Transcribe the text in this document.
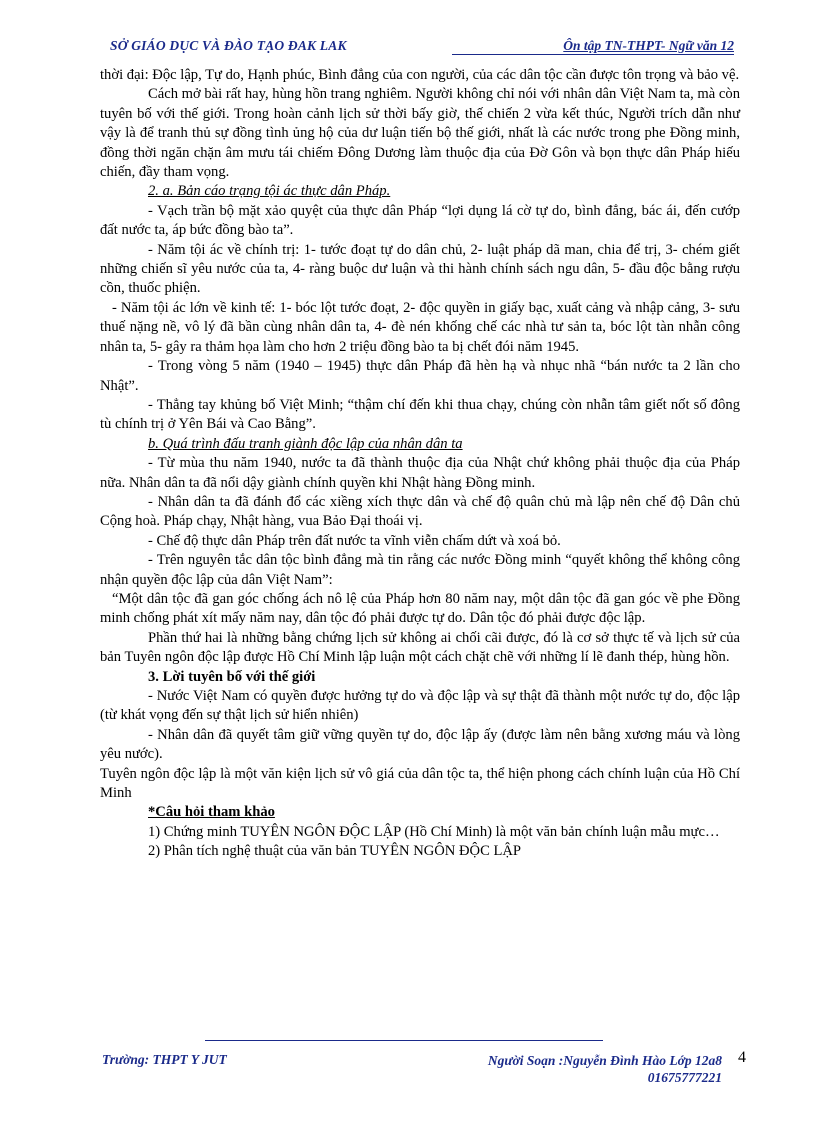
SỞ GIÁO DỤC VÀ ĐÀO TẠO ĐAK LAK	Ôn tập TN-THPT- Ngữ văn 12

thời đại: Độc lập, Tự do, Hạnh phúc, Bình đẳng của con người, của các dân tộc cần được tôn trọng và bảo vệ.

Cách mở bài rất hay, hùng hồn trang nghiêm. Người không chỉ nói với nhân dân Việt Nam ta, mà còn tuyên bố với thế giới. Trong hoàn cảnh lịch sử thời bấy giờ, thế chiến 2 vừa kết thúc, Người trích dẫn như vậy là để tranh thủ sự đồng tình ủng hộ của dư luận tiến bộ thế giới, nhất là các nước trong phe Đồng minh, đồng thời ngăn chặn âm mưu tái chiếm Đông Dương làm thuộc địa của Đờ Gôn và bọn thực dân Pháp hiếu chiến, đầy tham vọng.

2. a. Bản cáo trạng tội ác thực dân Pháp.

- Vạch trần bộ mặt xảo quyệt của thực dân Pháp “lợi dụng lá cờ tự do, bình đẳng, bác ái, đến cướp đất nước ta, áp bức đồng bào ta”.

- Năm tội ác về chính trị: 1- tước đoạt tự do dân chủ, 2- luật pháp dã man, chia để trị, 3- chém giết những chiến sĩ yêu nước của ta, 4- ràng buộc dư luận và thi hành chính sách ngu dân, 5- đầu độc bằng rượu cồn, thuốc phiện.

- Năm tội ác lớn về kinh tế: 1- bóc lột tước đoạt, 2- độc quyền in giấy bạc, xuất cảng và nhập cảng, 3- sưu thuế nặng nề, vô lý đã bần cùng nhân dân ta, 4- đè nén khống chế các nhà tư sản ta, bóc lột tàn nhẫn công nhân ta, 5- gây ra thảm họa làm cho hơn 2 triệu đồng bào ta bị chết đói năm 1945.

- Trong vòng 5 năm (1940 – 1945) thực dân Pháp đã hèn hạ và nhục nhã “bán nước ta 2 lần cho Nhật”.

- Thẳng tay khủng bố Việt Minh; “thậm chí đến khi thua chạy, chúng còn nhẫn tâm giết nốt số đông tù chính trị ở Yên Bái và Cao Bằng”.

b. Quá trình đấu tranh giành độc lập của nhân dân ta

- Từ mùa thu năm 1940, nước ta đã thành thuộc địa của Nhật chứ không phải thuộc địa của Pháp nữa. Nhân dân ta đã nổi dậy giành chính quyền khi Nhật hàng Đồng minh.

- Nhân dân ta đã đánh đổ các xiềng xích thực dân và chế độ quân chủ mà lập nên chế độ Dân chủ Cộng hoà. Pháp chạy, Nhật hàng, vua Bảo Đại thoái vị.

- Chế độ thực dân Pháp trên đất nước ta vĩnh viễn chấm dứt và xoá bỏ.

- Trên nguyên tắc dân tộc bình đẳng mà tin rằng các nước Đồng minh “quyết không thể không công nhận quyền độc lập của dân Việt Nam”:

“Một dân tộc đã gan góc chống ách nô lệ của Pháp hơn 80 năm nay, một dân tộc đã gan góc về phe Đồng minh chống phát xít mấy năm nay, dân tộc đó phải được tự do. Dân tộc đó phải được độc lập.

Phần thứ hai là những bằng chứng lịch sử không ai chối cãi được, đó là cơ sở thực tế và lịch sử của bản Tuyên ngôn độc lập được Hồ Chí Minh lập luận một cách chặt chẽ với những lí lẽ đanh thép, hùng hồn.

3. Lời tuyên bố với thế giới

- Nước Việt Nam có quyền được hưởng tự do và độc lập và sự thật đã thành một nước tự do, độc lập (từ khát vọng đến sự thật lịch sử hiển nhiên)

- Nhân dân đã quyết tâm giữ vững quyền tự do, độc lập ấy (được làm nên bằng xương máu và lòng yêu nước).

Tuyên ngôn độc lập là một văn kiện lịch sử vô giá của dân tộc ta, thể hiện phong cách chính luận của Hồ Chí Minh

*Câu hỏi tham khảo

1) Chứng minh TUYÊN NGÔN ĐỘC LẬP (Hồ Chí Minh) là một văn bản chính luận mẫu mực…

2) Phân tích nghệ thuật của văn bản TUYÊN NGÔN ĐỘC LẬP

Trường: THPT Y JUT	Người Soạn :Nguyễn Đình Hào Lớp 12a8
01675777221
4
